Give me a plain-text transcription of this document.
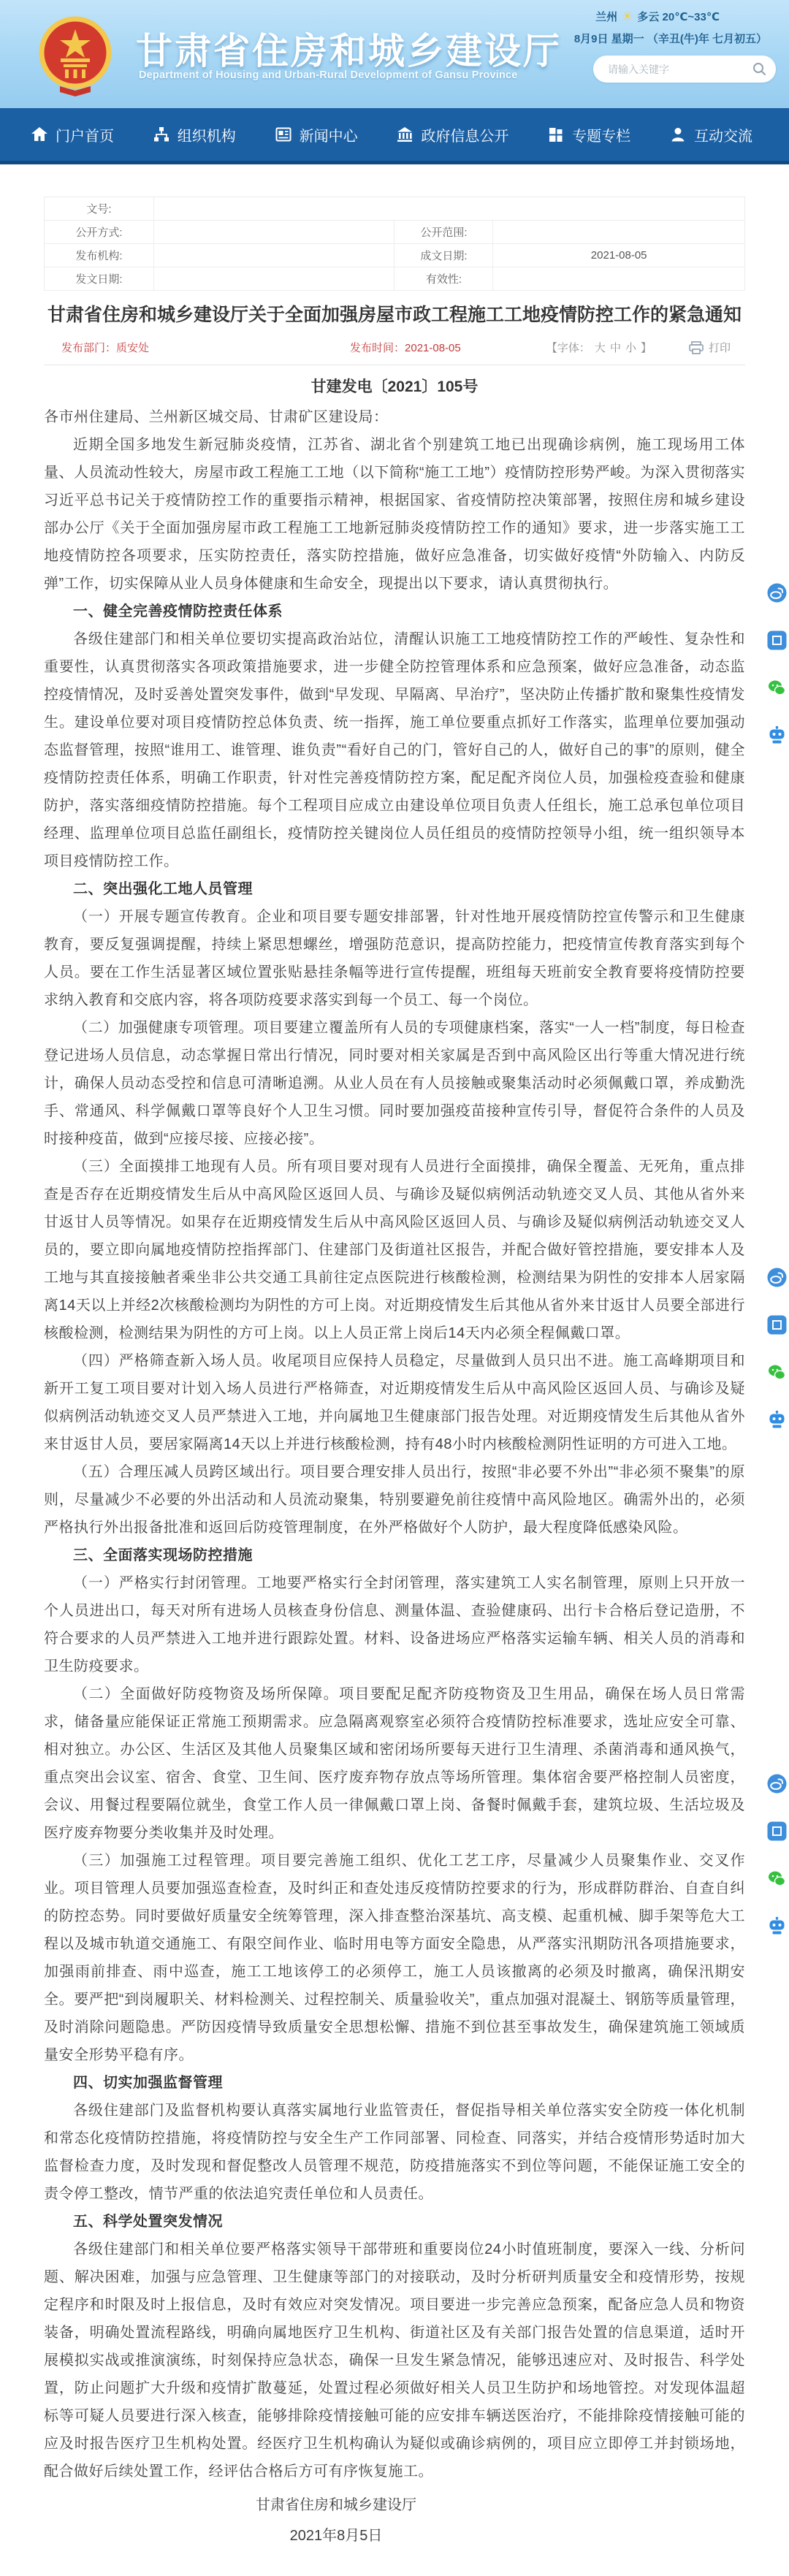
甘肃省住房和城乡建设厅
Department of Housing and Urban-Rural Development of Gansu Province
兰州 ☀ 多云 20℃~33℃
8月9日 星期一 （辛丑(牛)年 七月初五）
请输入关键字
门户首页	组织机构	新闻中心	政府信息公开	专题专栏	互动交流
文号:			
公开方式:		公开范围:	
发布机构:		成文日期:	2021-08-05
发文日期:		有效性:	
甘肃省住房和城乡建设厅关于全面加强房屋市政工程施工工地疫情防控工作的紧急通知
发布部门：质安处	发布时间：2021-08-05	【字体： 大 中 小 】	打印
甘建发电〔2021〕105号

各市州住建局、兰州新区城交局、甘肃矿区建设局：

近期全国多地发生新冠肺炎疫情，江苏省、湖北省个别建筑工地已出现确诊病例，施工现场用工体量、人员流动性较大，房屋市政工程施工工地（以下简称“施工工地”）疫情防控形势严峻。为深入贯彻落实习近平总书记关于疫情防控工作的重要指示精神，根据国家、省疫情防控决策部署，按照住房和城乡建设部办公厅《关于全面加强房屋市政工程施工工地新冠肺炎疫情防控工作的通知》要求，进一步落实施工工地疫情防控各项要求，压实防控责任，落实防控措施，做好应急准备，切实做好疫情“外防输入、内防反弹”工作，切实保障从业人员身体健康和生命安全，现提出以下要求，请认真贯彻执行。

一、健全完善疫情防控责任体系

各级住建部门和相关单位要切实提高政治站位，清醒认识施工工地疫情防控工作的严峻性、复杂性和重要性，认真贯彻落实各项政策措施要求，进一步健全防控管理体系和应急预案，做好应急准备，动态监控疫情情况，及时妥善处置突发事件，做到“早发现、早隔离、早治疗”，坚决防止传播扩散和聚集性疫情发生。建设单位要对项目疫情防控总体负责、统一指挥，施工单位要重点抓好工作落实，监理单位要加强动态监督管理，按照“谁用工、谁管理、谁负责”“看好自己的门，管好自己的人，做好自己的事”的原则，健全疫情防控责任体系，明确工作职责，针对性完善疫情防控方案，配足配齐岗位人员，加强检疫查验和健康防护，落实落细疫情防控措施。每个工程项目应成立由建设单位项目负责人任组长，施工总承包单位项目经理、监理单位项目总监任副组长，疫情防控关键岗位人员任组员的疫情防控领导小组，统一组织领导本项目疫情防控工作。

二、突出强化工地人员管理

（一）开展专题宣传教育。企业和项目要专题安排部署，针对性地开展疫情防控宣传警示和卫生健康教育，要反复强调提醒，持续上紧思想螺丝，增强防范意识，提高防控能力，把疫情宣传教育落实到每个人员。要在工作生活显著区域位置张贴悬挂条幅等进行宣传提醒，班组每天班前安全教育要将疫情防控要求纳入教育和交底内容，将各项防疫要求落实到每一个员工、每一个岗位。

（二）加强健康专项管理。项目要建立覆盖所有人员的专项健康档案，落实“一人一档”制度，每日检查登记进场人员信息，动态掌握日常出行情况，同时要对相关家属是否到中高风险区出行等重大情况进行统计，确保人员动态受控和信息可清晰追溯。从业人员在有人员接触或聚集活动时必须佩戴口罩，养成勤洗手、常通风、科学佩戴口罩等良好个人卫生习惯。同时要加强疫苗接种宣传引导，督促符合条件的人员及时接种疫苗，做到“应接尽接、应接必接”。

（三）全面摸排工地现有人员。所有项目要对现有人员进行全面摸排，确保全覆盖、无死角，重点排查是否存在近期疫情发生后从中高风险区返回人员、与确诊及疑似病例活动轨迹交叉人员、其他从省外来甘返甘人员等情况。如果存在近期疫情发生后从中高风险区返回人员、与确诊及疑似病例活动轨迹交叉人员的，要立即向属地疫情防控指挥部门、住建部门及街道社区报告，并配合做好管控措施，要安排本人及工地与其直接接触者乘坐非公共交通工具前往定点医院进行核酸检测，检测结果为阴性的安排本人居家隔离14天以上并经2次核酸检测均为阴性的方可上岗。对近期疫情发生后其他从省外来甘返甘人员要全部进行核酸检测，检测结果为阴性的方可上岗。以上人员正常上岗后14天内必须全程佩戴口罩。

（四）严格筛查新入场人员。收尾项目应保持人员稳定，尽量做到人员只出不进。施工高峰期项目和新开工复工项目要对计划入场人员进行严格筛查，对近期疫情发生后从中高风险区返回人员、与确诊及疑似病例活动轨迹交叉人员严禁进入工地，并向属地卫生健康部门报告处理。对近期疫情发生后其他从省外来甘返甘人员，要居家隔离14天以上并进行核酸检测，持有48小时内核酸检测阴性证明的方可进入工地。

（五）合理压减人员跨区域出行。项目要合理安排人员出行，按照“非必要不外出”“非必须不聚集”的原则，尽量减少不必要的外出活动和人员流动聚集，特别要避免前往疫情中高风险地区。确需外出的，必须严格执行外出报备批准和返回后防疫管理制度，在外严格做好个人防护，最大程度降低感染风险。

三、全面落实现场防控措施

（一）严格实行封闭管理。工地要严格实行全封闭管理，落实建筑工人实名制管理，原则上只开放一个人员进出口，每天对所有进场人员核查身份信息、测量体温、查验健康码、出行卡合格后登记造册，不符合要求的人员严禁进入工地并进行跟踪处置。材料、设备进场应严格落实运输车辆、相关人员的消毒和卫生防疫要求。

（二）全面做好防疫物资及场所保障。项目要配足配齐防疫物资及卫生用品，确保在场人员日常需求，储备量应能保证正常施工预期需求。应急隔离观察室必须符合疫情防控标准要求，选址应安全可靠、相对独立。办公区、生活区及其他人员聚集区域和密闭场所要每天进行卫生清理、杀菌消毒和通风换气，重点突出会议室、宿舍、食堂、卫生间、医疗废弃物存放点等场所管理。集体宿舍要严格控制人员密度，会议、用餐过程要隔位就坐，食堂工作人员一律佩戴口罩上岗、备餐时佩戴手套，建筑垃圾、生活垃圾及医疗废弃物要分类收集并及时处理。

（三）加强施工过程管理。项目要完善施工组织、优化工艺工序，尽量减少人员聚集作业、交叉作业。项目管理人员要加强巡查检查，及时纠正和查处违反疫情防控要求的行为，形成群防群治、自查自纠的防控态势。同时要做好质量安全统筹管理，深入排查整治深基坑、高支模、起重机械、脚手架等危大工程以及城市轨道交通施工、有限空间作业、临时用电等方面安全隐患，从严落实汛期防汛各项措施要求，加强雨前排查、雨中巡查，施工工地该停工的必须停工，施工人员该撤离的必须及时撤离，确保汛期安全。要严把“到岗履职关、材料检测关、过程控制关、质量验收关”，重点加强对混凝土、钢筋等质量管理，及时消除问题隐患。严防因疫情导致质量安全思想松懈、措施不到位甚至事故发生，确保建筑施工领域质量安全形势平稳有序。

四、切实加强监督管理

各级住建部门及监督机构要认真落实属地行业监管责任，督促指导相关单位落实安全防疫一体化机制和常态化疫情防控措施，将疫情防控与安全生产工作同部署、同检查、同落实，并结合疫情形势适时加大监督检查力度，及时发现和督促整改人员管理不规范，防疫措施落实不到位等问题，不能保证施工安全的责令停工整改，情节严重的依法追究责任单位和人员责任。

五、科学处置突发情况

各级住建部门和相关单位要严格落实领导干部带班和重要岗位24小时值班制度，要深入一线、分析问题、解决困难，加强与应急管理、卫生健康等部门的对接联动，及时分析研判质量安全和疫情形势，按规定程序和时限及时上报信息，及时有效应对突发情况。项目要进一步完善应急预案，配备应急人员和物资装备，明确处置流程路线，明确向属地医疗卫生机构、街道社区及有关部门报告处置的信息渠道，适时开展模拟实战或推演演练，时刻保持应急状态，确保一旦发生紧急情况，能够迅速应对、及时报告、科学处置，防止问题扩大升级和疫情扩散蔓延，处置过程必须做好相关人员卫生防护和场地管控。对发现体温超标等可疑人员要进行深入核查，能够排除疫情接触可能的应安排车辆送医治疗，不能排除疫情接触可能的应及时报告医疗卫生机构处置。经医疗卫生机构确认为疑似或确诊病例的，项目应立即停工并封锁场地，配合做好后续处置工作，经评估合格后方可有序恢复施工。

甘肃省住房和城乡建设厅
2021年8月5日
